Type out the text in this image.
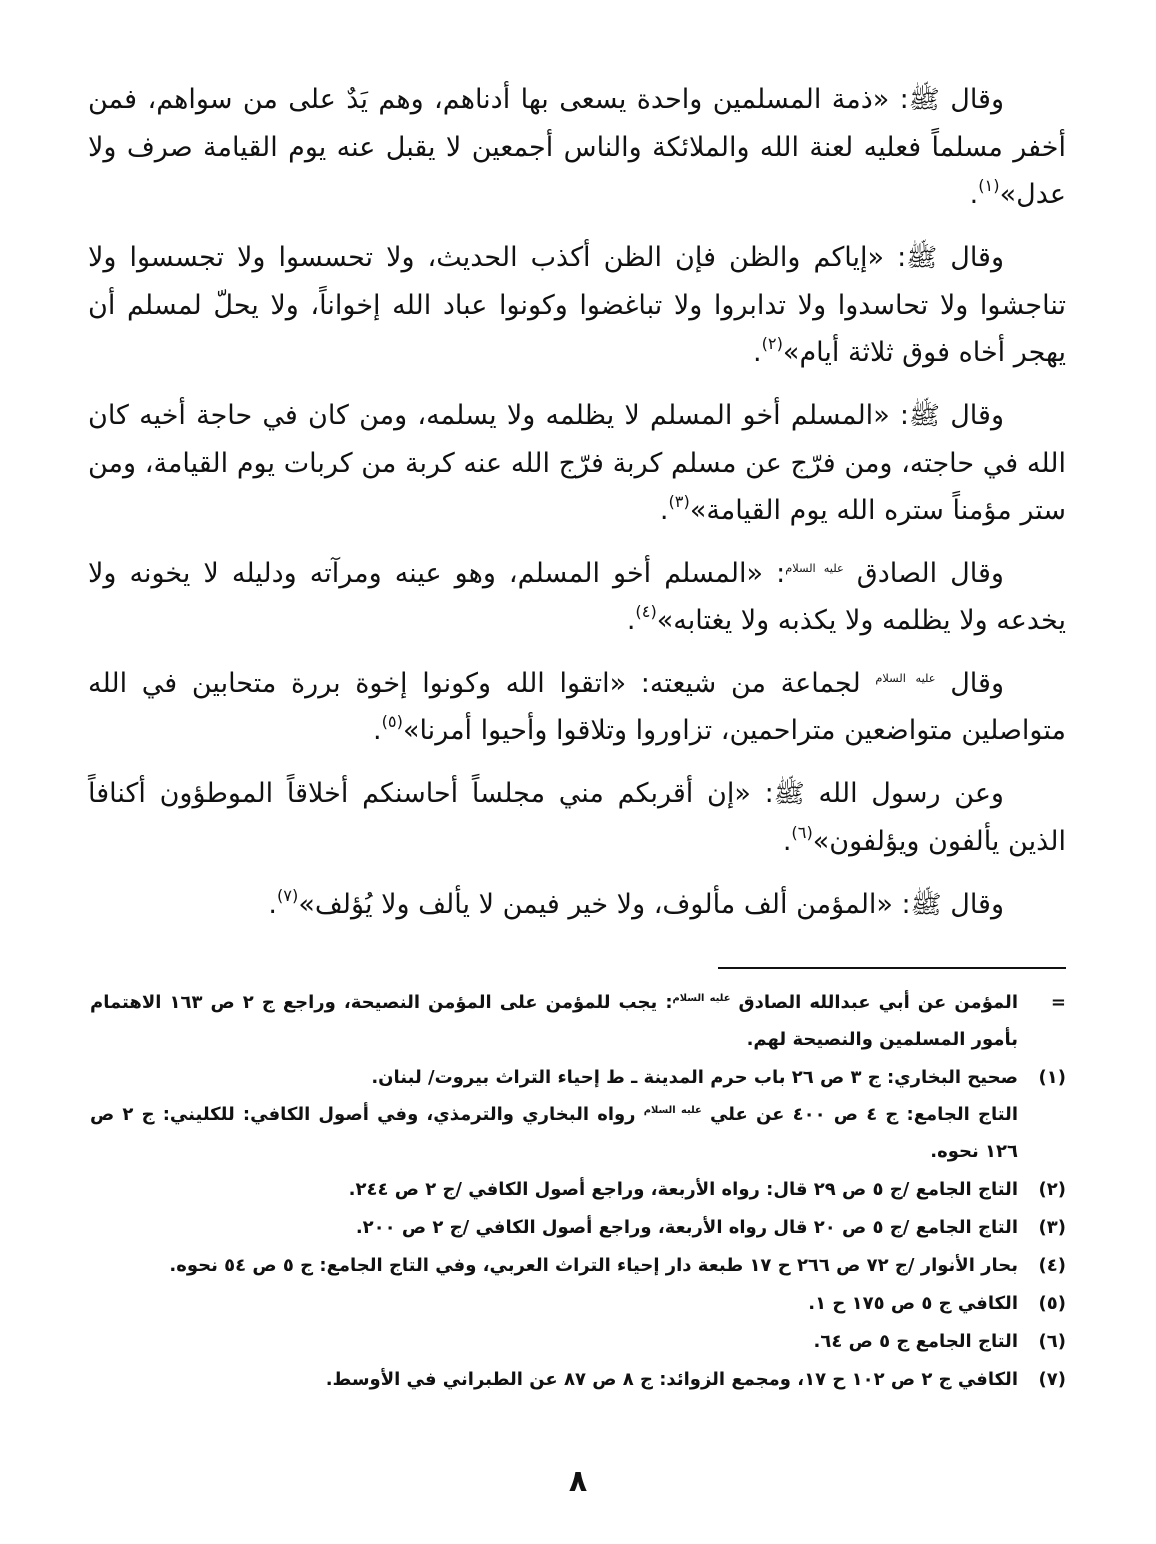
وقال ﷺ: «ذمة المسلمين واحدة يسعى بها أدناهم، وهم يَدٌ على من سواهم، فمن أخفر مسلماً فعليه لعنة الله والملائكة والناس أجمعين لا يقبل عنه يوم القيامة صرف ولا عدل»$^{(١)}$.

وقال ﷺ: «إياكم والظن فإن الظن أكذب الحديث، ولا تحسسوا ولا تجسسوا ولا تناجشوا ولا تحاسدوا ولا تدابروا ولا تباغضوا وكونوا عباد الله إخواناً، ولا يحلّ لمسلم أن يهجر أخاه فوق ثلاثة أيام»$^{(٢)}$.

وقال ﷺ: «المسلم أخو المسلم لا يظلمه ولا يسلمه، ومن كان في حاجة أخيه كان الله في حاجته، ومن فرّج عن مسلم كربة فرّج الله عنه كربة من كربات يوم القيامة، ومن ستر مؤمناً ستره الله يوم القيامة»$^{(٣)}$.

وقال الصادق $^{عليه السلام}$: «المسلم أخو المسلم، وهو عينه ومرآته ودليله لا يخونه ولا يخدعه ولا يظلمه ولا يكذبه ولا يغتابه»$^{(٤)}$.

وقال $^{عليه السلام}$ لجماعة من شيعته: «اتقوا الله وكونوا إخوة بررة متحابين في الله متواصلين متواضعين متراحمين، تزاوروا وتلاقوا وأحيوا أمرنا»$^{(٥)}$.

وعن رسول الله ﷺ: «إن أقربكم مني مجلساً أحاسنكم أخلاقاً الموطؤون أكنافاً الذين يألفون ويؤلفون»$^{(٦)}$.

وقال ﷺ: «المؤمن ألف مألوف، ولا خير فيمن لا يألف ولا يُؤلف»$^{(٧)}$.

=

المؤمن عن أبي عبدالله الصادق $^{عليه السلام}$: يجب للمؤمن على المؤمن النصيحة، وراجع ج ٢ ص ١٦٣ الاهتمام بأمور المسلمين والنصيحة لهم.

(١)

صحيح البخاري: ج ٣ ص ٢٦ باب حرم المدينة ـ ط إحياء التراث بيروت/ لبنان.

التاج الجامع: ج ٤ ص ٤٠٠ عن علي $^{عليه السلام}$ رواه البخاري والترمذي، وفي أصول الكافي: للكليني: ج ٢ ص ١٢٦ نحوه.

(٢)
التاج الجامع /ج ٥ ص ٢٩ قال: رواه الأربعة، وراجع أصول الكافي /ج ٢ ص ٢٤٤.
(٣)
التاج الجامع /ج ٥ ص ٢٠ قال رواه الأربعة، وراجع أصول الكافي /ج ٢ ص ٢٠٠.
(٤)
بحار الأنوار /ج ٧٢ ص ٢٦٦ ح ١٧ طبعة دار إحياء التراث العربي، وفي التاج الجامع: ج ٥ ص ٥٤ نحوه.
(٥)
الكافي ج ٥ ص ١٧٥ ح ١.
(٦)
التاج الجامع ج ٥ ص ٦٤.
(٧)
الكافي ج ٢ ص ١٠٢ ح ١٧، ومجمع الزوائد: ج ٨ ص ٨٧ عن الطبراني في الأوسط.
٨
